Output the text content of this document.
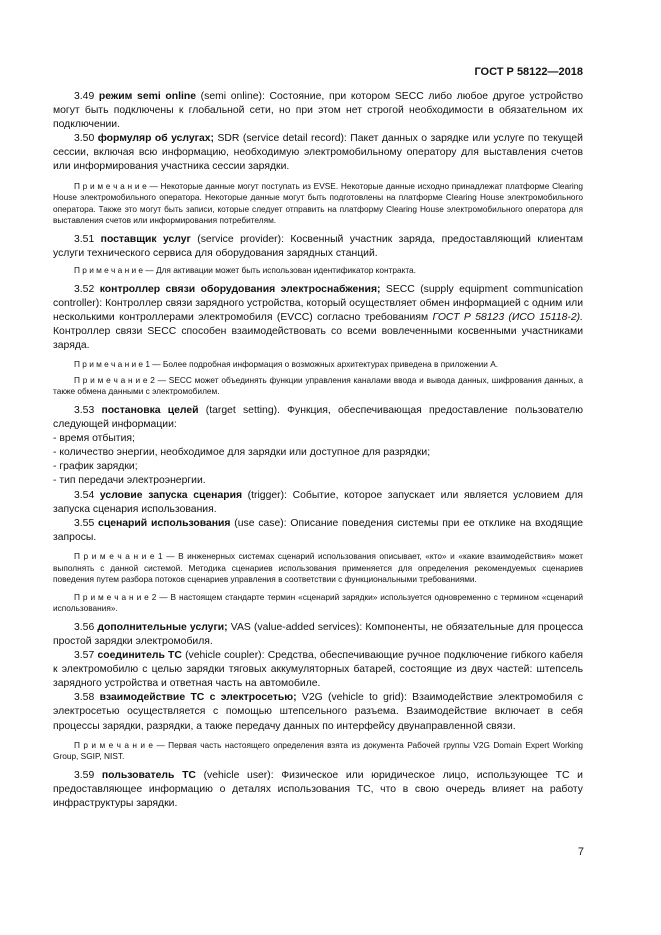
ГОСТ Р 58122—2018

3.49 режим semi online (semi online): Состояние, при котором SECC либо любое другое устройство могут быть подключены к глобальной сети, но при этом нет строгой необходимости в обязательном их подключении.

3.50 формуляр об услугах; SDR (service detail record): Пакет данных о зарядке или услуге по текущей сессии, включая всю информацию, необходимую электромобильному оператору для выставления счетов или информирования участника сессии зарядки.

П р и м е ч а н и е — Некоторые данные могут поступать из EVSE. Некоторые данные исходно принадлежат платформе Clearing House электромобильного оператора. Некоторые данные могут быть подготовлены на платформе Clearing House электромобильного оператора. Также это могут быть записи, которые следует отправить на платформу Clearing House электромобильного оператора для выставления счетов или информирования потребителям.

3.51 поставщик услуг (service provider): Косвенный участник заряда, предоставляющий клиентам услуги технического сервиса для оборудования зарядных станций.

П р и м е ч а н и е — Для активации может быть использован идентификатор контракта.

3.52 контроллер связи оборудования электроснабжения; SECC (supply equipment communication controller): Контроллер связи зарядного устройства, который осуществляет обмен информацией с одним или несколькими контроллерами электромобиля (EVCC) согласно требованиям ГОСТ Р 58123 (ИСО 15118-2). Контроллер связи SECC способен взаимодействовать со всеми вовлеченными косвенными участниками заряда.

П р и м е ч а н и е 1 — Более подробная информация о возможных архитектурах приведена в приложении А.

П р и м е ч а н и е 2 — SECC может объединять функции управления каналами ввода и вывода данных, шифрования данных, а также обмена данными с электромобилем.

3.53 постановка целей (target setting). Функция, обеспечивающая предоставление пользователю следующей информации:

- время отбытия;

- количество энергии, необходимое для зарядки или доступное для разрядки;

- график зарядки;

- тип передачи электроэнергии.

3.54 условие запуска сценария (trigger): Событие, которое запускает или является условием для запуска сценария использования.

3.55 сценарий использования (use case): Описание поведения системы при ее отклике на входящие запросы.

П р и м е ч а н и е 1 — В инженерных системах сценарий использования описывает, «кто» и «какие взаимодействия» может выполнять с данной системой. Методика сценариев использования применяется для определения рекомендуемых сценариев поведения путем разбора потоков сценариев управления в соответствии с функциональными требованиями.

П р и м е ч а н и е 2 — В настоящем стандарте термин «сценарий зарядки» используется одновременно с термином «сценарий использования».

3.56 дополнительные услуги; VAS (value-added services): Компоненты, не обязательные для процесса простой зарядки электромобиля.

3.57 соединитель ТС (vehicle coupler): Средства, обеспечивающие ручное подключение гибкого кабеля к электромобилю с целью зарядки тяговых аккумуляторных батарей, состоящие из двух частей: штепсель зарядного устройства и ответная часть на автомобиле.

3.58 взаимодействие ТС с электросетью; V2G (vehicle to grid): Взаимодействие электромобиля с электросетью осуществляется с помощью штепсельного разъема. Взаимодействие включает в себя процессы зарядки, разрядки, а также передачу данных по интерфейсу двунаправленной связи.

П р и м е ч а н и е — Первая часть настоящего определения взята из документа Рабочей группы V2G Domain Expert Working Group, SGIP, NIST.

3.59 пользователь ТС (vehicle user): Физическое или юридическое лицо, использующее ТС и предоставляющее информацию о деталях использования ТС, что в свою очередь влияет на работу инфраструктуры зарядки.

7
